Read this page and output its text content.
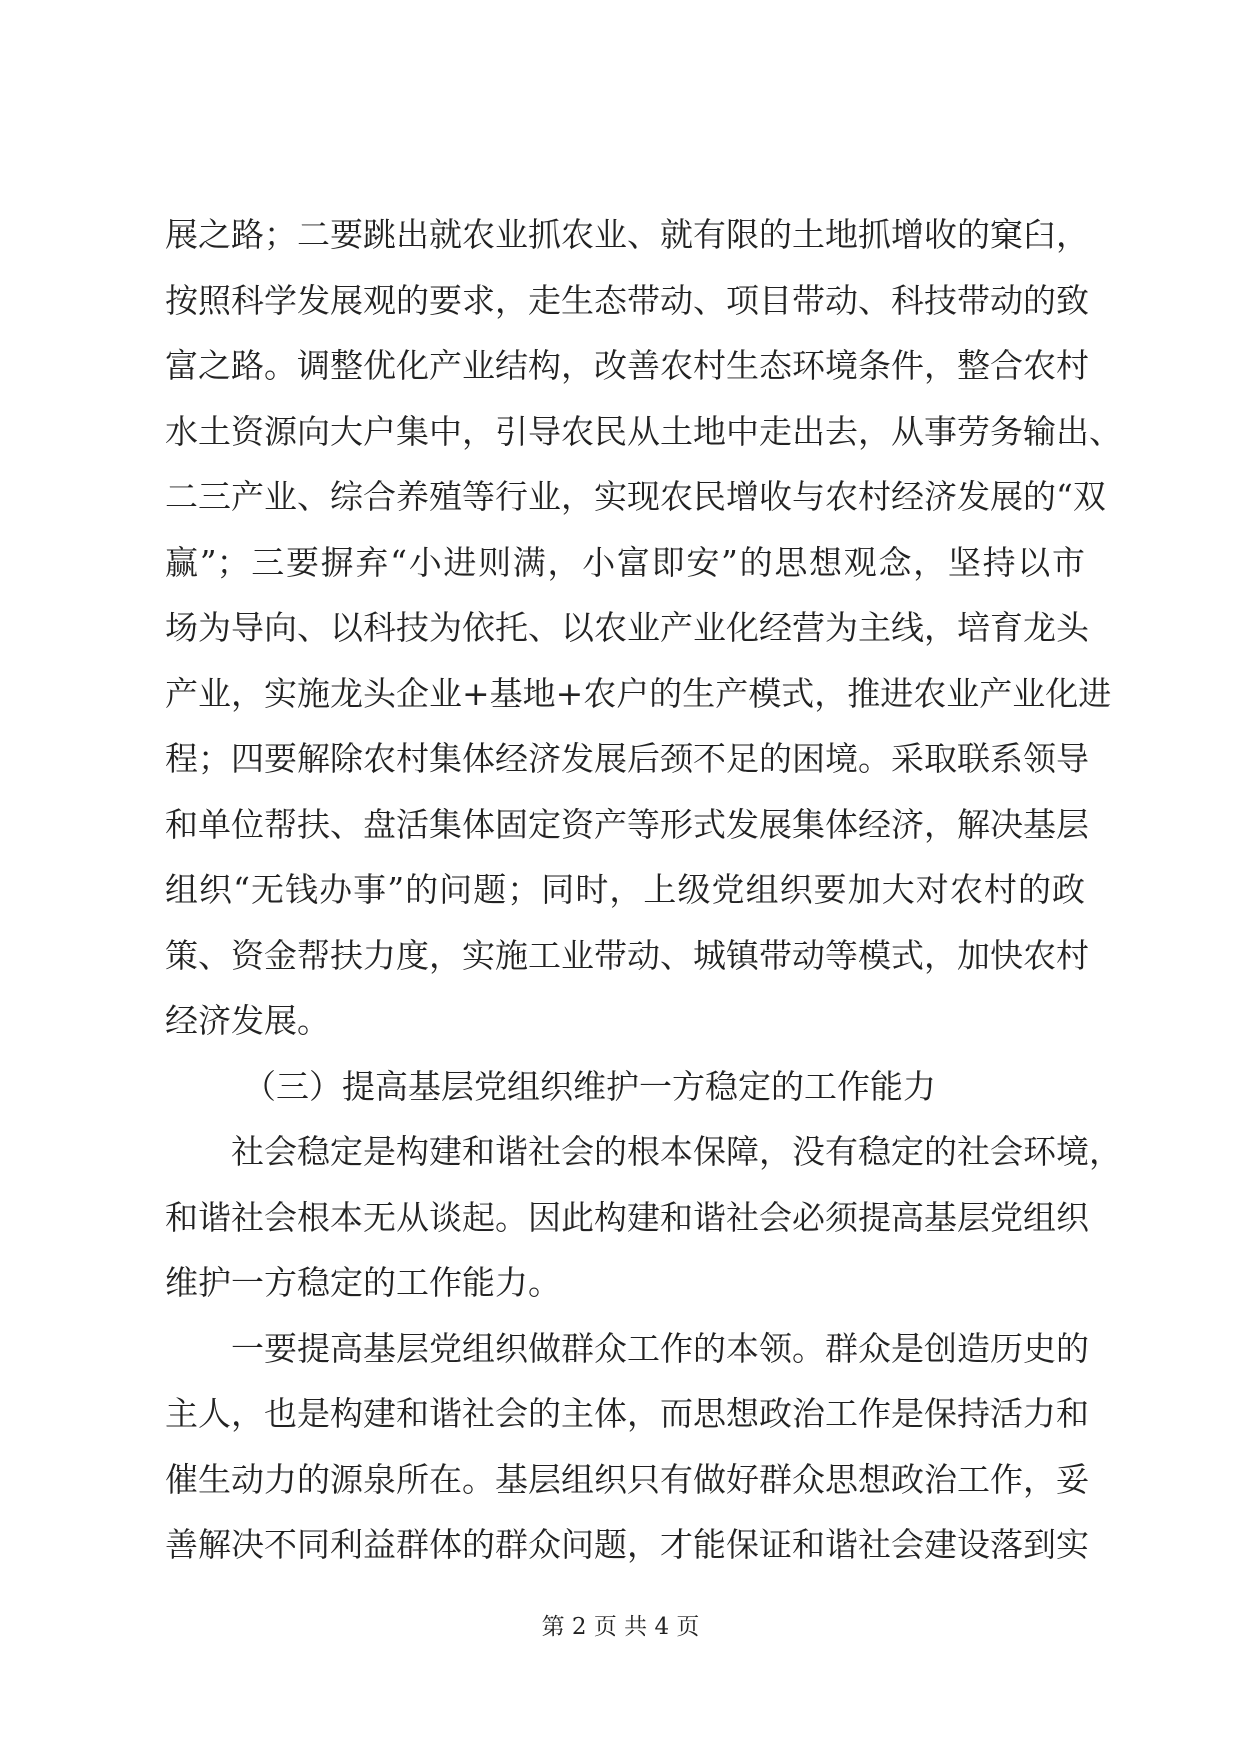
展之路；二要跳出就农业抓农业、就有限的土地抓增收的窠臼，
按照科学发展观的要求，走生态带动、项目带动、科技带动的致
富之路。调整优化产业结构，改善农村生态环境条件，整合农村
水土资源向大户集中，引导农民从土地中走出去，从事劳务输出、
二三产业、综合养殖等行业，实现农民增收与农村经济发展的“双
赢”；三要摒弃“小进则满，小富即安”的思想观念，坚持以市
场为导向、以科技为依托、以农业产业化经营为主线，培育龙头
产业，实施龙头企业+基地+农户的生产模式，推进农业产业化进
程；四要解除农村集体经济发展后颈不足的困境。采取联系领导
和单位帮扶、盘活集体固定资产等形式发展集体经济，解决基层
组织“无钱办事”的问题；同时，上级党组织要加大对农村的政
策、资金帮扶力度，实施工业带动、城镇带动等模式，加快农村
经济发展。
（三）提高基层党组织维护一方稳定的工作能力
社会稳定是构建和谐社会的根本保障，没有稳定的社会环境，
和谐社会根本无从谈起。因此构建和谐社会必须提高基层党组织
维护一方稳定的工作能力。
一要提高基层党组织做群众工作的本领。群众是创造历史的
主人，也是构建和谐社会的主体，而思想政治工作是保持活力和
催生动力的源泉所在。基层组织只有做好群众思想政治工作，妥
善解决不同利益群体的群众问题，才能保证和谐社会建设落到实
第 2 页 共 4 页
